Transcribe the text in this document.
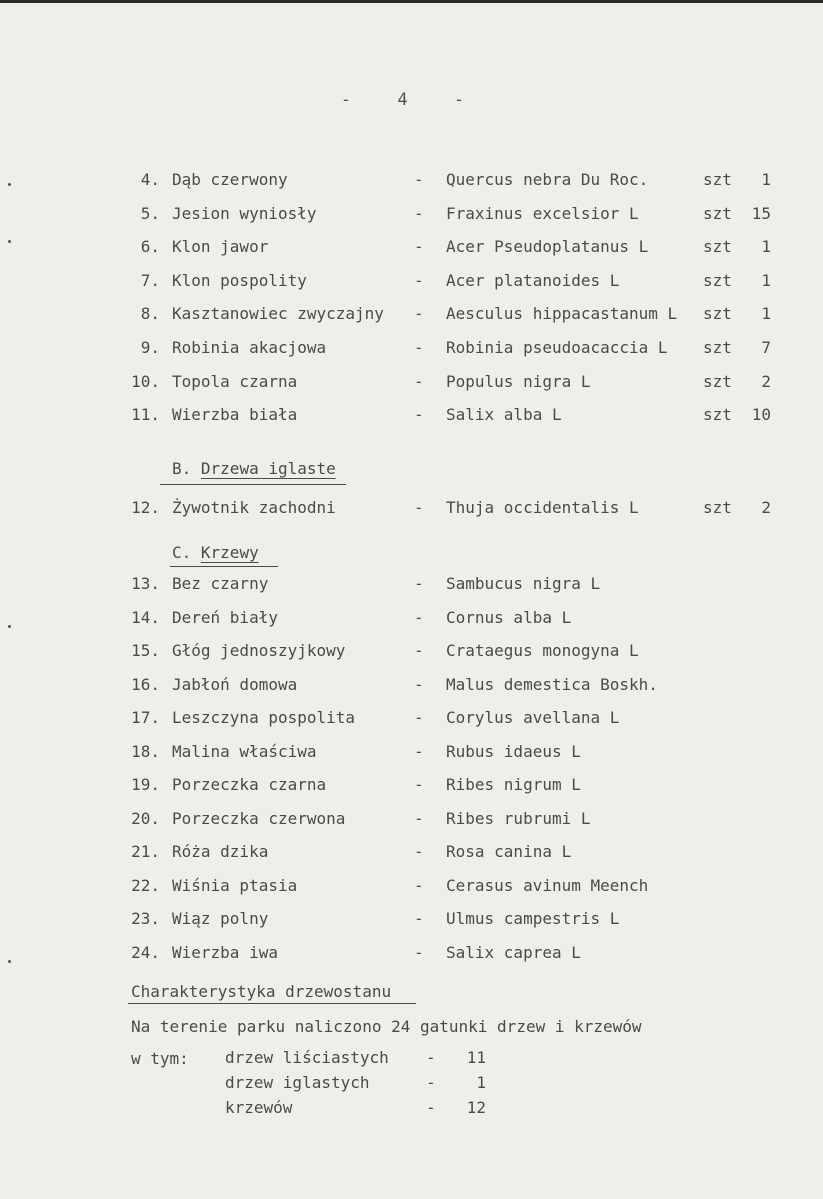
- 4 -
4. Dąb czerwony	- Quercus nebra Du Roc.	szt 1
5. Jesion wyniosły	- Fraxinus excelsior L	szt 15
6. Klon jawor	- Acer Pseudoplatanus L	szt 1
7. Klon pospolity	- Acer platanoides L	szt 1
8. Kasztanowiec zwyczajny - Aesculus hippacastanum L szt 1
9. Robinia akacjowa	- Robinia pseudoacaccia L szt 7
10. Topola czarna	- Populus nigra L	szt 2
11. Wierzba biała	- Salix alba L	szt 10
B. Drzewa iglaste
12. Żywotnik zachodni	- Thuja occidentalis L	szt 2
C. Krzewy
13. Bez czarny	- Sambucus nigra L
14. Dereń biały	- Cornus alba L
15. Głóg jednoszyjkowy	- Crataegus monogyna L
16. Jabłoń domowa	- Malus demestica Boskh.
17. Leszczyna pospolita	- Corylus avellana L
18. Malina właściwa	- Rubus idaeus L
19. Porzeczka czarna	- Ribes nigrum L
20. Porzeczka czerwona	- Ribes rubrumi L
21. Róża dzika	- Rosa canina L
22. Wiśnia ptasia	- Cerasus avinum Meench
23. Wiąz polny	- Ulmus campestris L
24. Wierzba iwa	- Salix caprea L
Charakterystyka drzewostanu
Na terenie parku naliczono 24 gatunki drzew i krzewów
w tym: drzew liściastych -	11
drzew iglastych	-	1
krzewów	-	12
